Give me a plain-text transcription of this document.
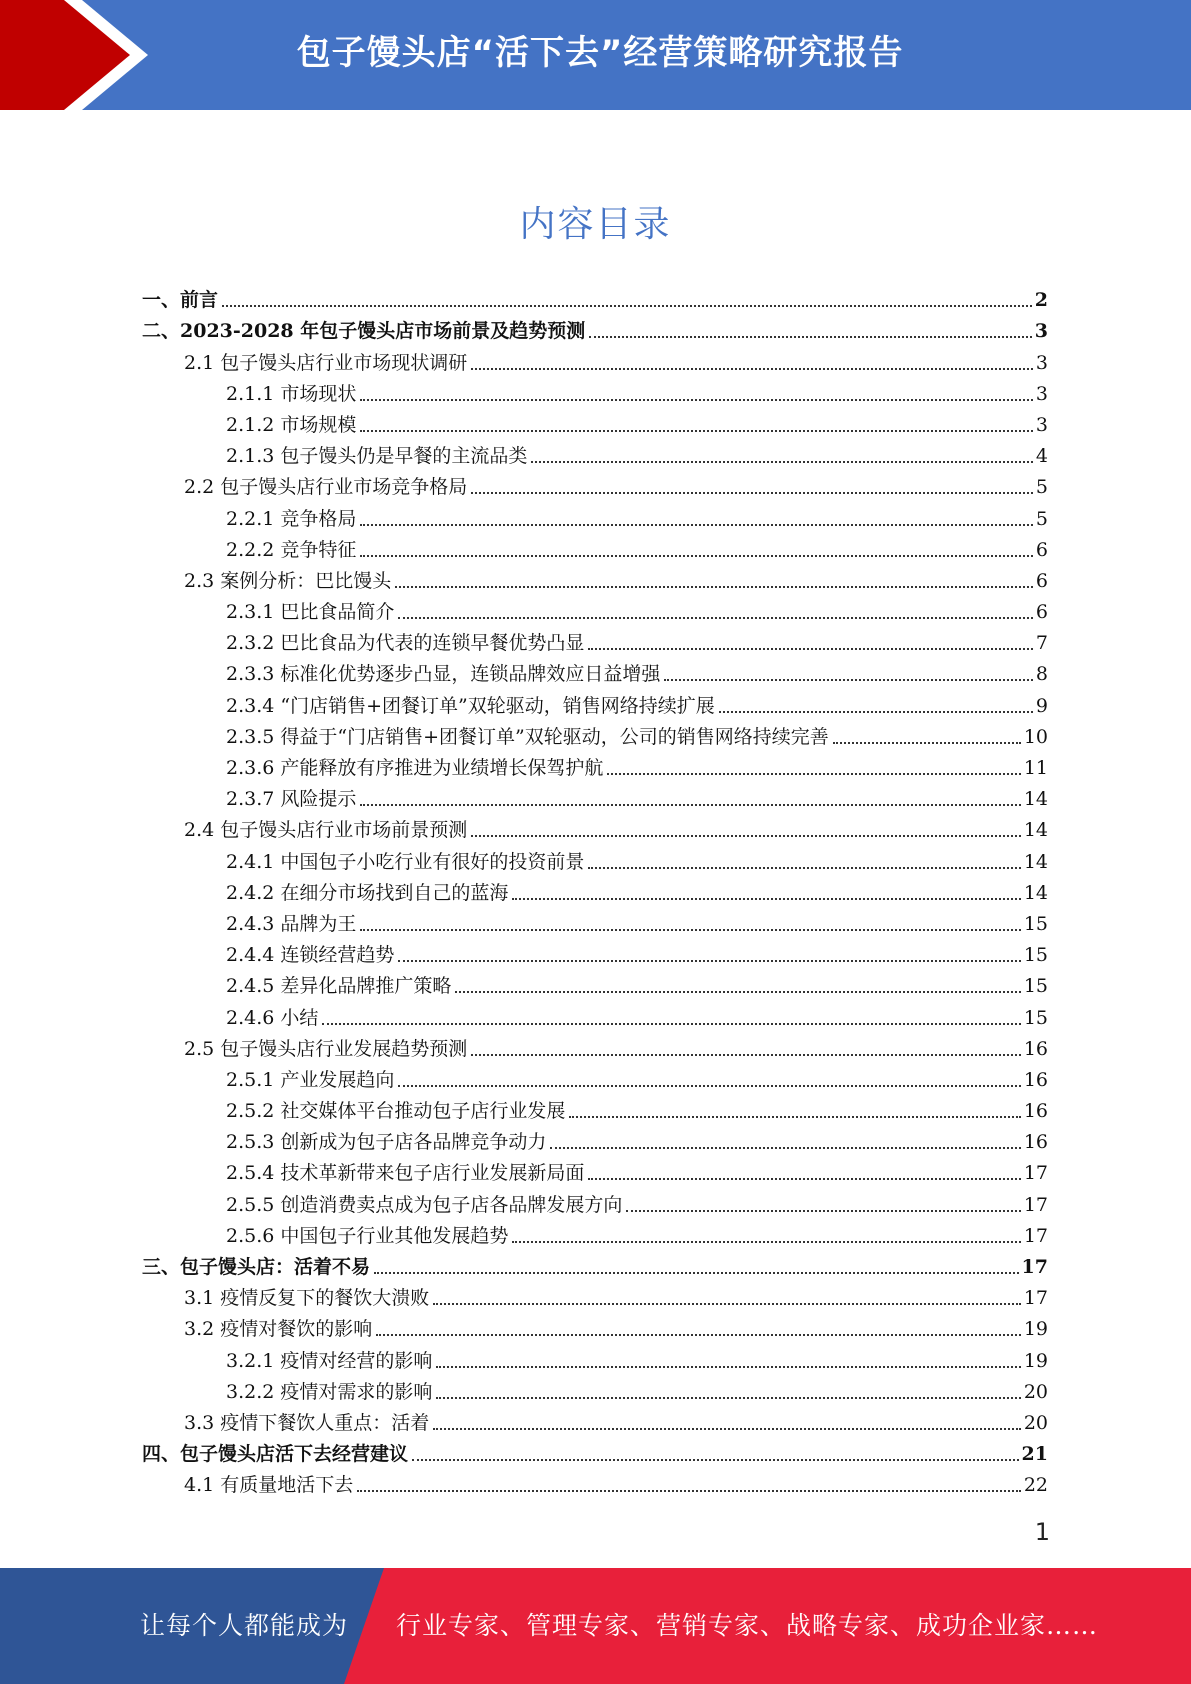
包子馒头店“活下去”经营策略研究报告
内容目录
一、前言	2
二、2023-2028 年包子馒头店市场前景及趋势预测	3
2.1 包子馒头店行业市场现状调研	3
2.1.1 市场现状	3
2.1.2 市场规模	3
2.1.3 包子馒头仍是早餐的主流品类	4
2.2 包子馒头店行业市场竞争格局	5
2.2.1 竞争格局	5
2.2.2 竞争特征	6
2.3 案例分析：巴比馒头	6
2.3.1 巴比食品简介	6
2.3.2 巴比食品为代表的连锁早餐优势凸显	7
2.3.3 标准化优势逐步凸显，连锁品牌效应日益增强	8
2.3.4 “门店销售+团餐订单”双轮驱动，销售网络持续扩展	9
2.3.5 得益于“门店销售+团餐订单”双轮驱动，公司的销售网络持续完善	10
2.3.6 产能释放有序推进为业绩增长保驾护航	11
2.3.7 风险提示	14
2.4 包子馒头店行业市场前景预测	14
2.4.1 中国包子小吃行业有很好的投资前景	14
2.4.2 在细分市场找到自己的蓝海	14
2.4.3 品牌为王	15
2.4.4 连锁经营趋势	15
2.4.5 差异化品牌推广策略	15
2.4.6 小结	15
2.5 包子馒头店行业发展趋势预测	16
2.5.1 产业发展趋向	16
2.5.2 社交媒体平台推动包子店行业发展	16
2.5.3 创新成为包子店各品牌竞争动力	16
2.5.4 技术革新带来包子店行业发展新局面	17
2.5.5 创造消费卖点成为包子店各品牌发展方向	17
2.5.6 中国包子行业其他发展趋势	17
三、包子馒头店：活着不易	17
3.1 疫情反复下的餐饮大溃败	17
3.2 疫情对餐饮的影响	19
3.2.1 疫情对经营的影响	19
3.2.2 疫情对需求的影响	20
3.3 疫情下餐饮人重点：活着	20
四、包子馒头店活下去经营建议	21
4.1 有质量地活下去	22
1
让每个人都能成为 行业专家、管理专家、营销专家、战略专家、成功企业家……
